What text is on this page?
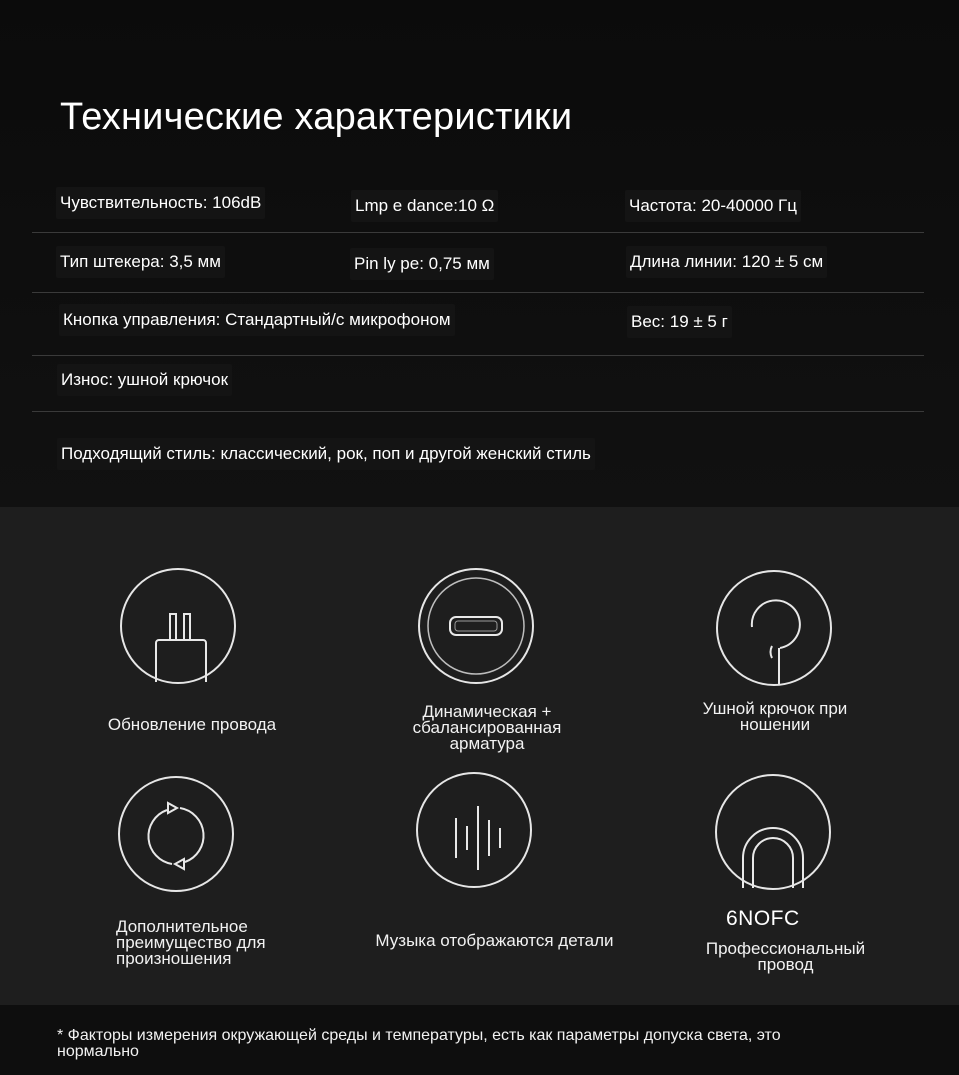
Технические характеристики
Чувствительность: 106dB	Lmp e dance:10 Ω	Частота: 20-40000 Гц
Тип штекера: 3,5 мм	Pin ly pe: 0,75 мм	Длина линии: 120 ± 5 см
Кнопка управления: Стандартный/с микрофоном	Вес: 19 ± 5 г
Износ: ушной крючок
Подходящий стиль: классический, рок, поп и другой женский стиль
Обновление провода
Динамическая + сбалансированная арматура
Ушной крючок при ношении
Дополнительное преимущество для произношения
Музыка отображаются детали
6NOFC
Профессиональный провод
* Факторы измерения окружающей среды и температуры, есть как параметры допуска света, это нормально
